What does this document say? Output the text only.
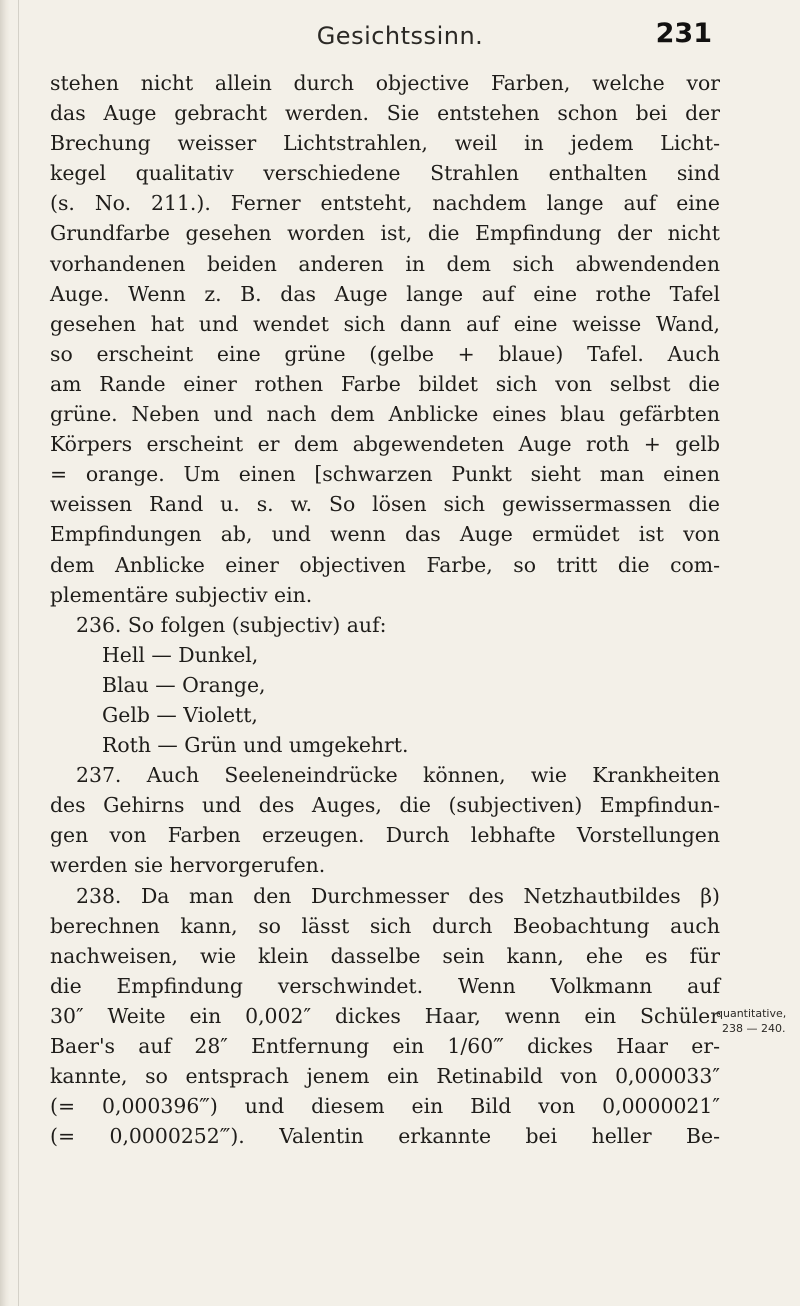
Gesichtssinn.	231
stehen nicht allein durch objective Farben, welche vor
das Auge gebracht werden. Sie entstehen schon bei der
Brechung weisser Lichtstrahlen, weil in jedem Licht-
kegel qualitativ verschiedene Strahlen enthalten sind
(s. No. 211.). Ferner entsteht, nachdem lange auf eine
Grundfarbe gesehen worden ist, die Empfindung der nicht
vorhandenen beiden anderen in dem sich abwendenden
Auge. Wenn z. B. das Auge lange auf eine rothe Tafel
gesehen hat und wendet sich dann auf eine weisse Wand,
so erscheint eine grüne (gelbe + blaue) Tafel. Auch
am Rande einer rothen Farbe bildet sich von selbst die
grüne. Neben und nach dem Anblicke eines blau gefärbten
Körpers erscheint er dem abgewendeten Auge roth + gelb
= orange. Um einen [schwarzen Punkt sieht man einen
weissen Rand u. s. w. So lösen sich gewissermassen die
Empfindungen ab, und wenn das Auge ermüdet ist von
dem Anblicke einer objectiven Farbe, so tritt die com-
plementäre subjectiv ein.
236. So folgen (subjectiv) auf:
Hell — Dunkel,
Blau — Orange,
Gelb — Violett,
Roth — Grün und umgekehrt.
237. Auch Seeleneindrücke können, wie Krankheiten
des Gehirns und des Auges, die (subjectiven) Empfindun-
gen von Farben erzeugen. Durch lebhafte Vorstellungen
werden sie hervorgerufen.
238. Da man den Durchmesser des Netzhautbildes β)
berechnen kann, so lässt sich durch Beobachtung auch
nachweisen, wie klein dasselbe sein kann, ehe es für
die Empfindung verschwindet. Wenn Volkmann auf
30″ Weite ein 0,002″ dickes Haar, wenn ein Schüler
Baer's auf 28″ Entfernung ein 1/60‴ dickes Haar er-
kannte, so entsprach jenem ein Retinabild von 0,000033″
(= 0,000396‴) und diesem ein Bild von 0,0000021″
(= 0,0000252‴). Valentin erkannte bei heller Be-
quantitative,
238 — 240.
